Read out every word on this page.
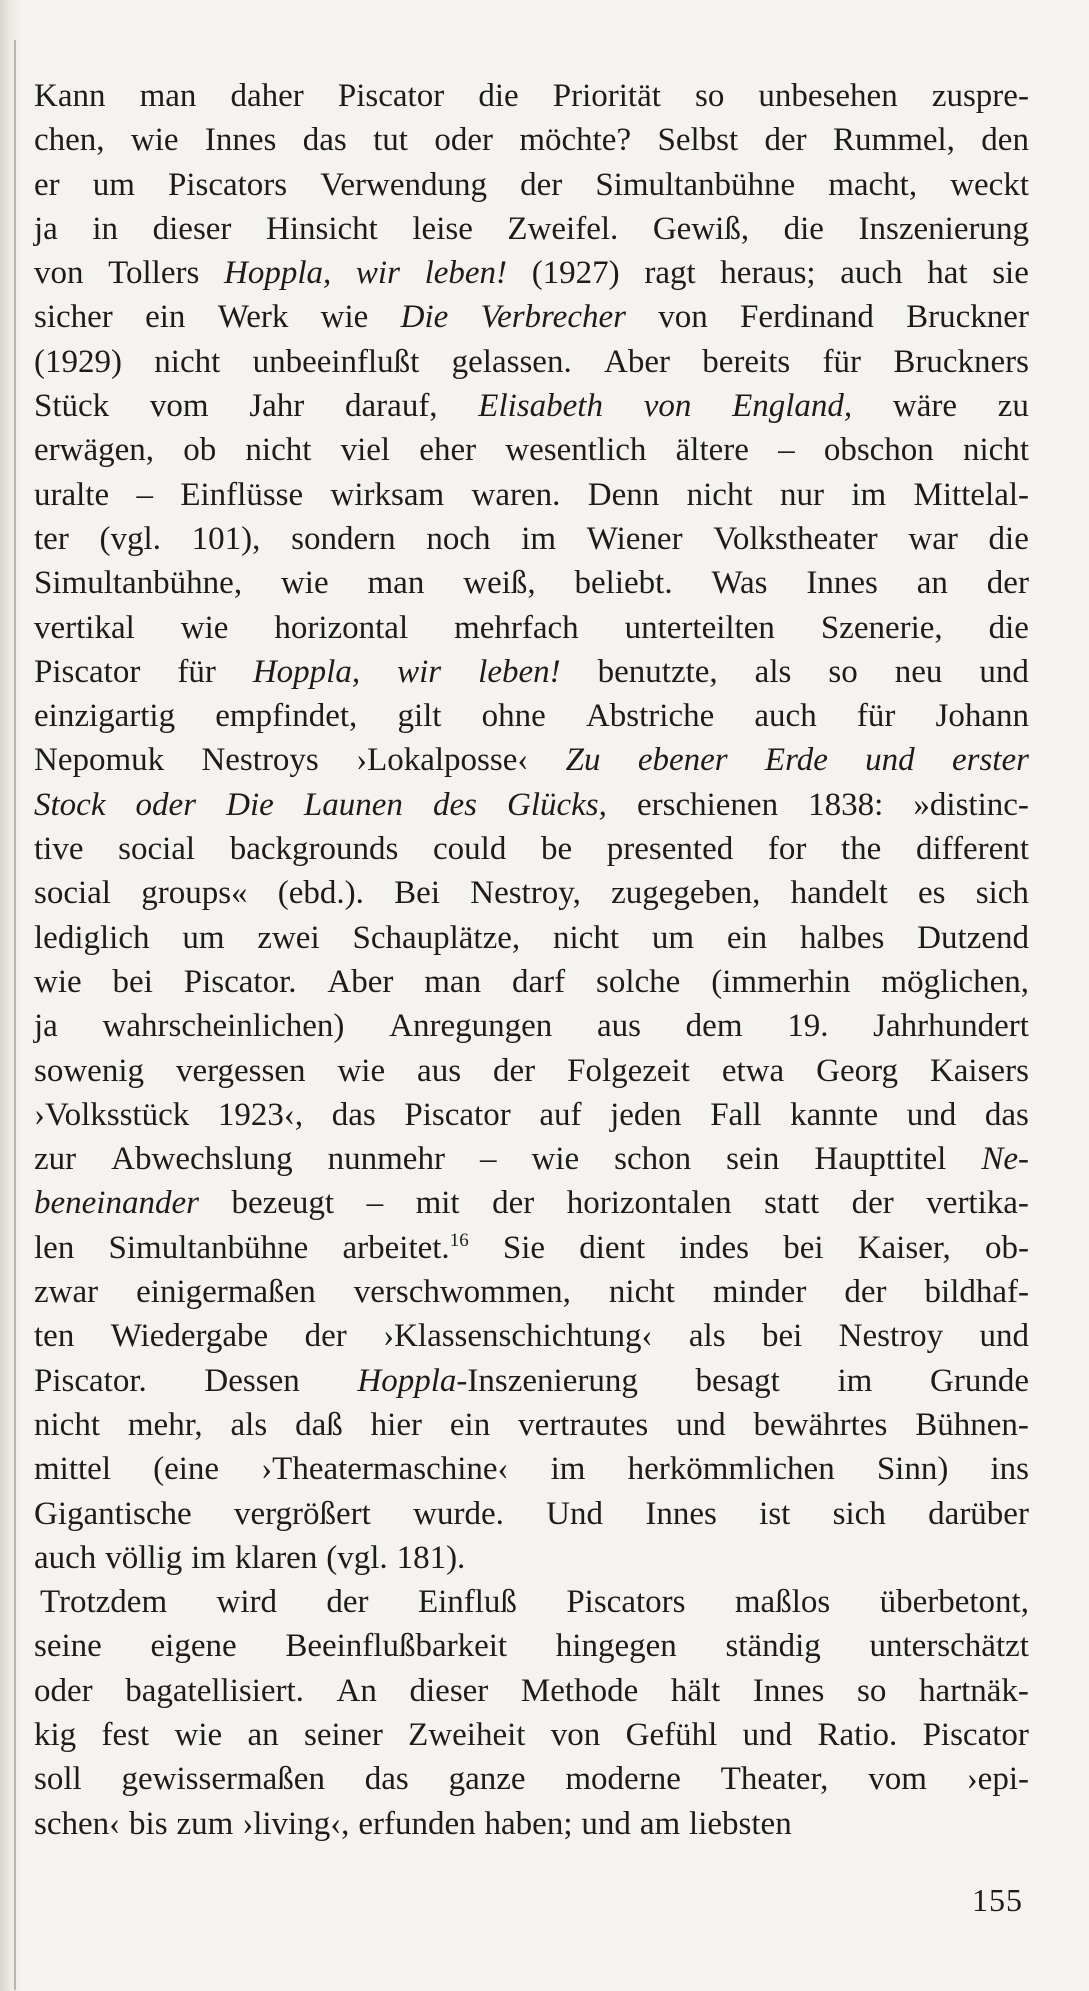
Kann man daher Piscator die Priorität so unbesehen zuspre-
chen, wie Innes das tut oder möchte? Selbst der Rummel, den
er um Piscators Verwendung der Simultanbühne macht, weckt
ja in dieser Hinsicht leise Zweifel. Gewiß, die Inszenierung
von Tollers Hoppla, wir leben! (1927) ragt heraus; auch hat sie
sicher ein Werk wie Die Verbrecher von Ferdinand Bruckner
(1929) nicht unbeeinflußt gelassen. Aber bereits für Bruckners
Stück vom Jahr darauf, Elisabeth von England, wäre zu
erwägen, ob nicht viel eher wesentlich ältere – obschon nicht
uralte – Einflüsse wirksam waren. Denn nicht nur im Mittelal-
ter (vgl. 101), sondern noch im Wiener Volkstheater war die
Simultanbühne, wie man weiß, beliebt. Was Innes an der
vertikal wie horizontal mehrfach unterteilten Szenerie, die
Piscator für Hoppla, wir leben! benutzte, als so neu und
einzigartig empfindet, gilt ohne Abstriche auch für Johann
Nepomuk Nestroys ›Lokalposse‹ Zu ebener Erde und erster
Stock oder Die Launen des Glücks, erschienen 1838: »distinc-
tive social backgrounds could be presented for the different
social groups« (ebd.). Bei Nestroy, zugegeben, handelt es sich
lediglich um zwei Schauplätze, nicht um ein halbes Dutzend
wie bei Piscator. Aber man darf solche (immerhin möglichen,
ja wahrscheinlichen) Anregungen aus dem 19. Jahrhundert
sowenig vergessen wie aus der Folgezeit etwa Georg Kaisers
›Volksstück 1923‹, das Piscator auf jeden Fall kannte und das
zur Abwechslung nunmehr – wie schon sein Haupttitel Ne-
beneinander bezeugt – mit der horizontalen statt der vertika-
len Simultanbühne arbeitet.$^{16}$ Sie dient indes bei Kaiser, ob-
zwar einigermaßen verschwommen, nicht minder der bildhaf-
ten Wiedergabe der ›Klassenschichtung‹ als bei Nestroy und
Piscator. Dessen Hoppla-Inszenierung besagt im Grunde
nicht mehr, als daß hier ein vertrautes und bewährtes Bühnen-
mittel (eine ›Theatermaschine‹ im herkömmlichen Sinn) ins
Gigantische vergrößert wurde. Und Innes ist sich darüber
auch völlig im klaren (vgl. 181).
Trotzdem wird der Einfluß Piscators maßlos überbetont,
seine eigene Beeinflußbarkeit hingegen ständig unterschätzt
oder bagatellisiert. An dieser Methode hält Innes so hartnäk-
kig fest wie an seiner Zweiheit von Gefühl und Ratio. Piscator
soll gewissermaßen das ganze moderne Theater, vom ›epi-
schen‹ bis zum ›living‹, erfunden haben; und am liebsten
155
